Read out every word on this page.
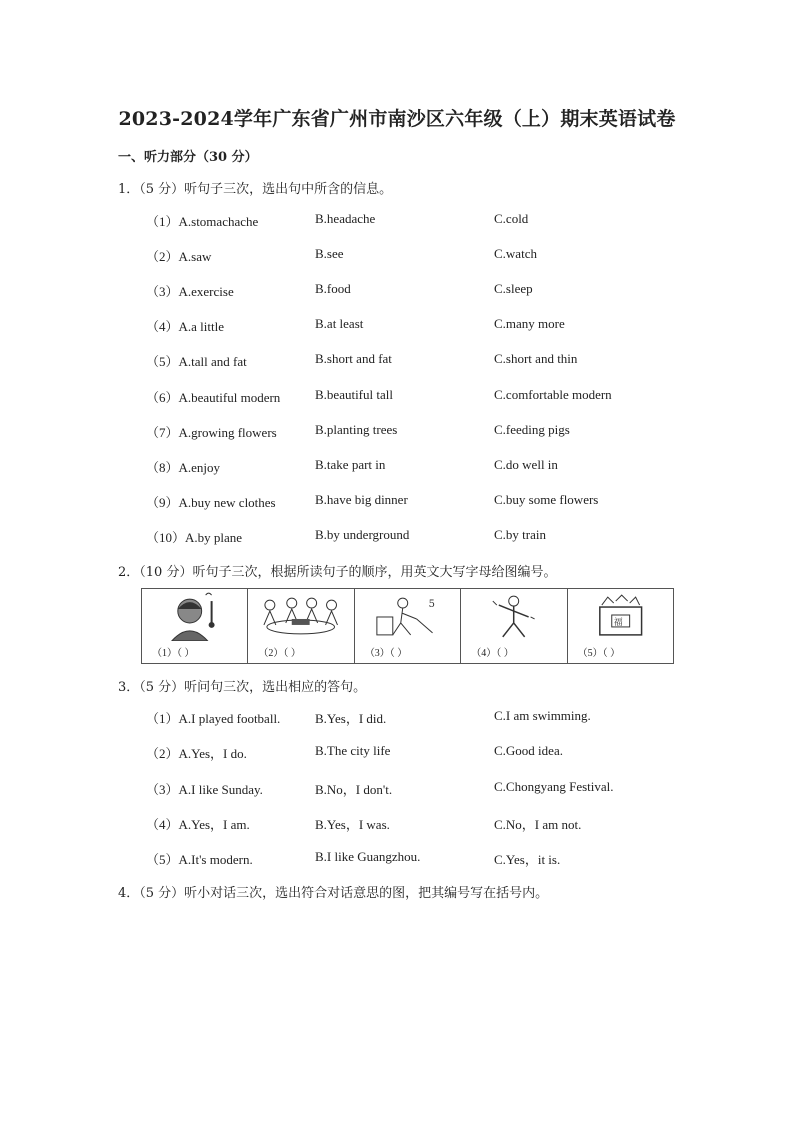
2023-2024学年广东省广州市南沙区六年级（上）期末英语试卷
一、听力部分（30 分）
1．（5 分）听句子三次，选出句中所含的信息。
（1）A.stomachache	B.headache	C.cold
（2）A.saw	B.see	C.watch
（3）A.exercise	B.food	C.sleep
（4）A.a little	B.at least	C.many more
（5）A.tall and fat	B.short and fat	C.short and thin
（6）A.beautiful modern	B.beautiful tall	C.comfortable modern
（7）A.growing flowers	B.planting trees	C.feeding pigs
（8）A.enjoy	B.take part in	C.do well in
（9）A.buy new clothes	B.have big dinner	C.buy some flowers
（10）A.by plane	B.by underground	C.by train
2．（10 分）听句子三次，根据所读句子的顺序，用英文大写字母给图编号。
（1）（ ）	（2）（ ）
5
（3）（ ）	（4）（ ）
福
（5）（ ）
3．（5 分）听问句三次，选出相应的答句。
（1）A.I played football.	B.Yes，I did.	C.I am swimming.
（2）A.Yes，I do.	B.The city life	C.Good idea.
（3）A.I like Sunday.	B.No，I don't.	C.Chongyang Festival.
（4）A.Yes，I am.	B.Yes，I was.	C.No，I am not.
（5）A.It's modern.	B.I like Guangzhou.	C.Yes，it is.
4．（5 分）听小对话三次，选出符合对话意思的图，把其编号写在括号内。
